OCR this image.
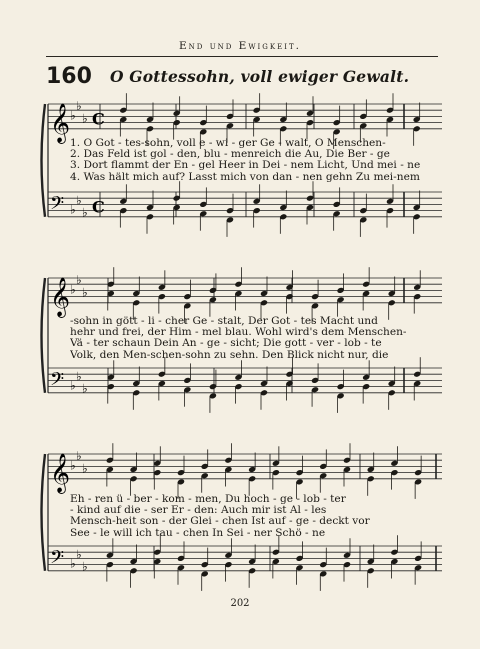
End und Ewigkeit.
160 O Gottessohn, voll ewiger Gewalt.
𝄞
𝄢
♭
♭
♭
♭
♭
♭
C
C
1. O Got - tes-sohn, voll e - wi - ger Ge - walt, O Menschen-
2. Das Feld ist gol - den, blu - menreich die Au, Die Ber - ge
3. Dort flammt der En - gel Heer in Dei - nem Licht, Und mei - ne
4. Was hält mich auf? Lasst mich von dan - nen gehn Zu mei-nem
𝄞
𝄢
♭
♭
♭
♭
♭
♭
-sohn in gött - li - cher Ge - stalt, Der Got - tes Macht und
hehr und frei, der Him - mel blau. Wohl wird's dem Menschen-
Vä - ter schaun Dein An - ge - sicht; Die gott - ver - lob - te
Volk, den Men-schen-sohn zu sehn. Den Blick nicht nur, die
𝄞
𝄢
♭
♭
♭
♭
♭
♭
Eh - ren ü - ber - kom - men, Du hoch - ge - lob - ter
- kind auf die - ser Er - den: Auch mir ist Al - les
Mensch-heit son - der Glei - chen Ist auf - ge - deckt vor
See - le will ich tau - chen In Sei - ner Schö - ne
202
